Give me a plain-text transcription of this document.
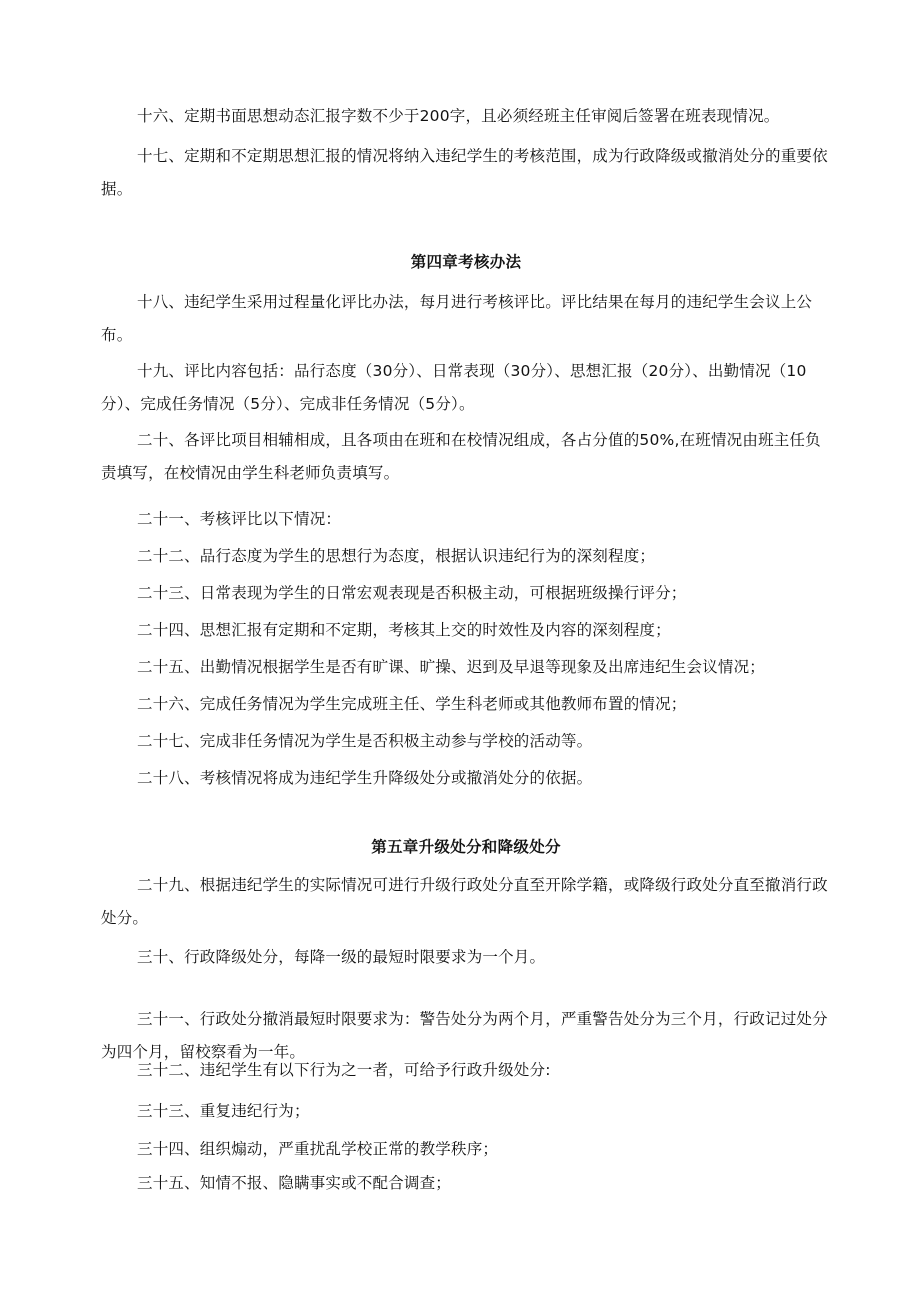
十六、定期书面思想动态汇报字数不少于200字，且必须经班主任审阅后签署在班表现情况。

十七、定期和不定期思想汇报的情况将纳入违纪学生的考核范围，成为行政降级或撤消处分的重要依据。

第四章考核办法

十八、违纪学生采用过程量化评比办法，每月进行考核评比。评比结果在每月的违纪学生会议上公布。

十九、评比内容包括：品行态度（30分）、日常表现（30分）、思想汇报（20分）、出勤情况（10分）、完成任务情况（5分）、完成非任务情况（5分）。

二十、各评比项目相辅相成，且各项由在班和在校情况组成，各占分值的50%,在班情况由班主任负责填写，在校情况由学生科老师负责填写。

二十一、考核评比以下情况：

二十二、品行态度为学生的思想行为态度，根据认识违纪行为的深刻程度；

二十三、日常表现为学生的日常宏观表现是否积极主动，可根据班级操行评分；

二十四、思想汇报有定期和不定期，考核其上交的时效性及内容的深刻程度；

二十五、出勤情况根据学生是否有旷课、旷操、迟到及早退等现象及出席违纪生会议情况；

二十六、完成任务情况为学生完成班主任、学生科老师或其他教师布置的情况；

二十七、完成非任务情况为学生是否积极主动参与学校的活动等。

二十八、考核情况将成为违纪学生升降级处分或撤消处分的依据。

第五章升级处分和降级处分

二十九、根据违纪学生的实际情况可进行升级行政处分直至开除学籍，或降级行政处分直至撤消行政处分。

三十、行政降级处分，每降一级的最短时限要求为一个月。

三十一、行政处分撤消最短时限要求为：警告处分为两个月，严重警告处分为三个月，行政记过处分为四个月，留校察看为一年。

三十二、违纪学生有以下行为之一者，可给予行政升级处分:

三十三、重复违纪行为；

三十四、组织煽动，严重扰乱学校正常的教学秩序；

三十五、知情不报、隐瞒事实或不配合调查；
